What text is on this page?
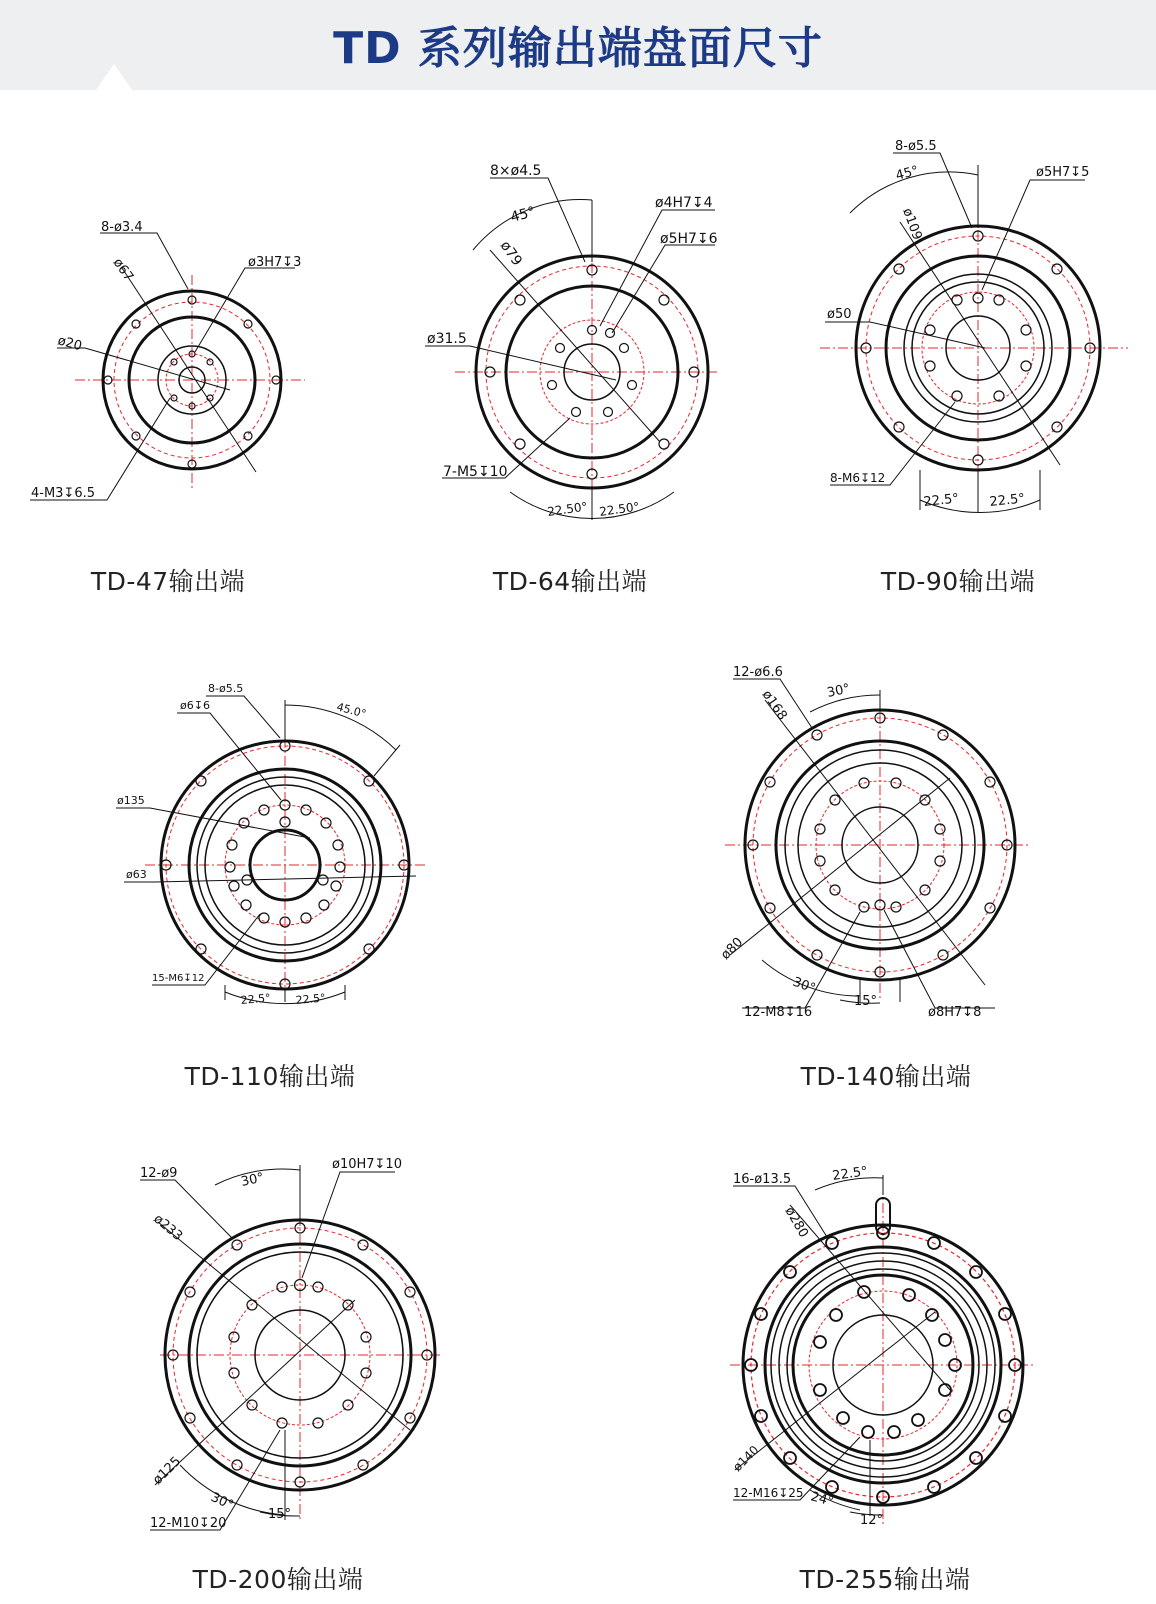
TD 系列输出端盘面尺寸
8-ø3.4
ø67	ø3H7↧3
ø20
4-M3↧6.5
8×ø4.5
45°
ø4H7↧4
ø79	ø5H7↧6
ø31.5
7-M5↧10
22.50° 22.50°
8-ø5.5
45°	ø5H7↧5
ø109
ø50
8-M6↧12
22.5° 22.5°
8-ø5.5
45.0°
ø6↧6
ø135
ø63
15-M6↧12
22.5° 22.5°
12-ø6.6
30°
ø168
ø80
30°
15°
12-M8↧16	ø8H7↧8
12-ø9	30°
ø10H7↧10
ø233
ø125
30°
15°
12-M10↧20
16-ø13.5	22.5°
ø280
ø140
12-M16↧25 24°
12°
TD-47输出端	TD-64输出端	TD-90输出端
TD-110输出端	TD-140输出端
TD-200输出端	TD-255输出端
